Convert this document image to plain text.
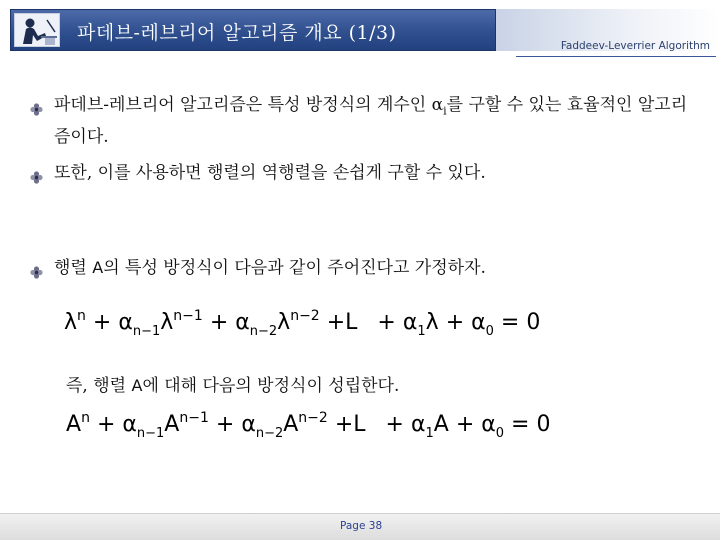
파데브-레브리어 알고리즘 개요 (1/3)
Faddeev-Leverrier Algorithm
파데브-레브리어 알고리즘은 특성 방정식의 계수인 $\alpha_i$를 구할 수 있는 효율적인 알고리즘이다.
또한, 이를 사용하면 행렬의 역행렬을 손쉽게 구할 수 있다.
행렬 A의 특성 방정식이 다음과 같이 주어진다고 가정하자.
$\lambda^n + \alpha_{n-1}\lambda^{n-1} + \alpha_{n-2}\lambda^{n-2} +L + \alpha_1\lambda + \alpha_0 = 0$
즉, 행렬 A에 대해 다음의 방정식이 성립한다.
$A^n + \alpha_{n-1}A^{n-1} + \alpha_{n-2}A^{n-2} +L + \alpha_1A + \alpha_0 = 0$
Page 38
